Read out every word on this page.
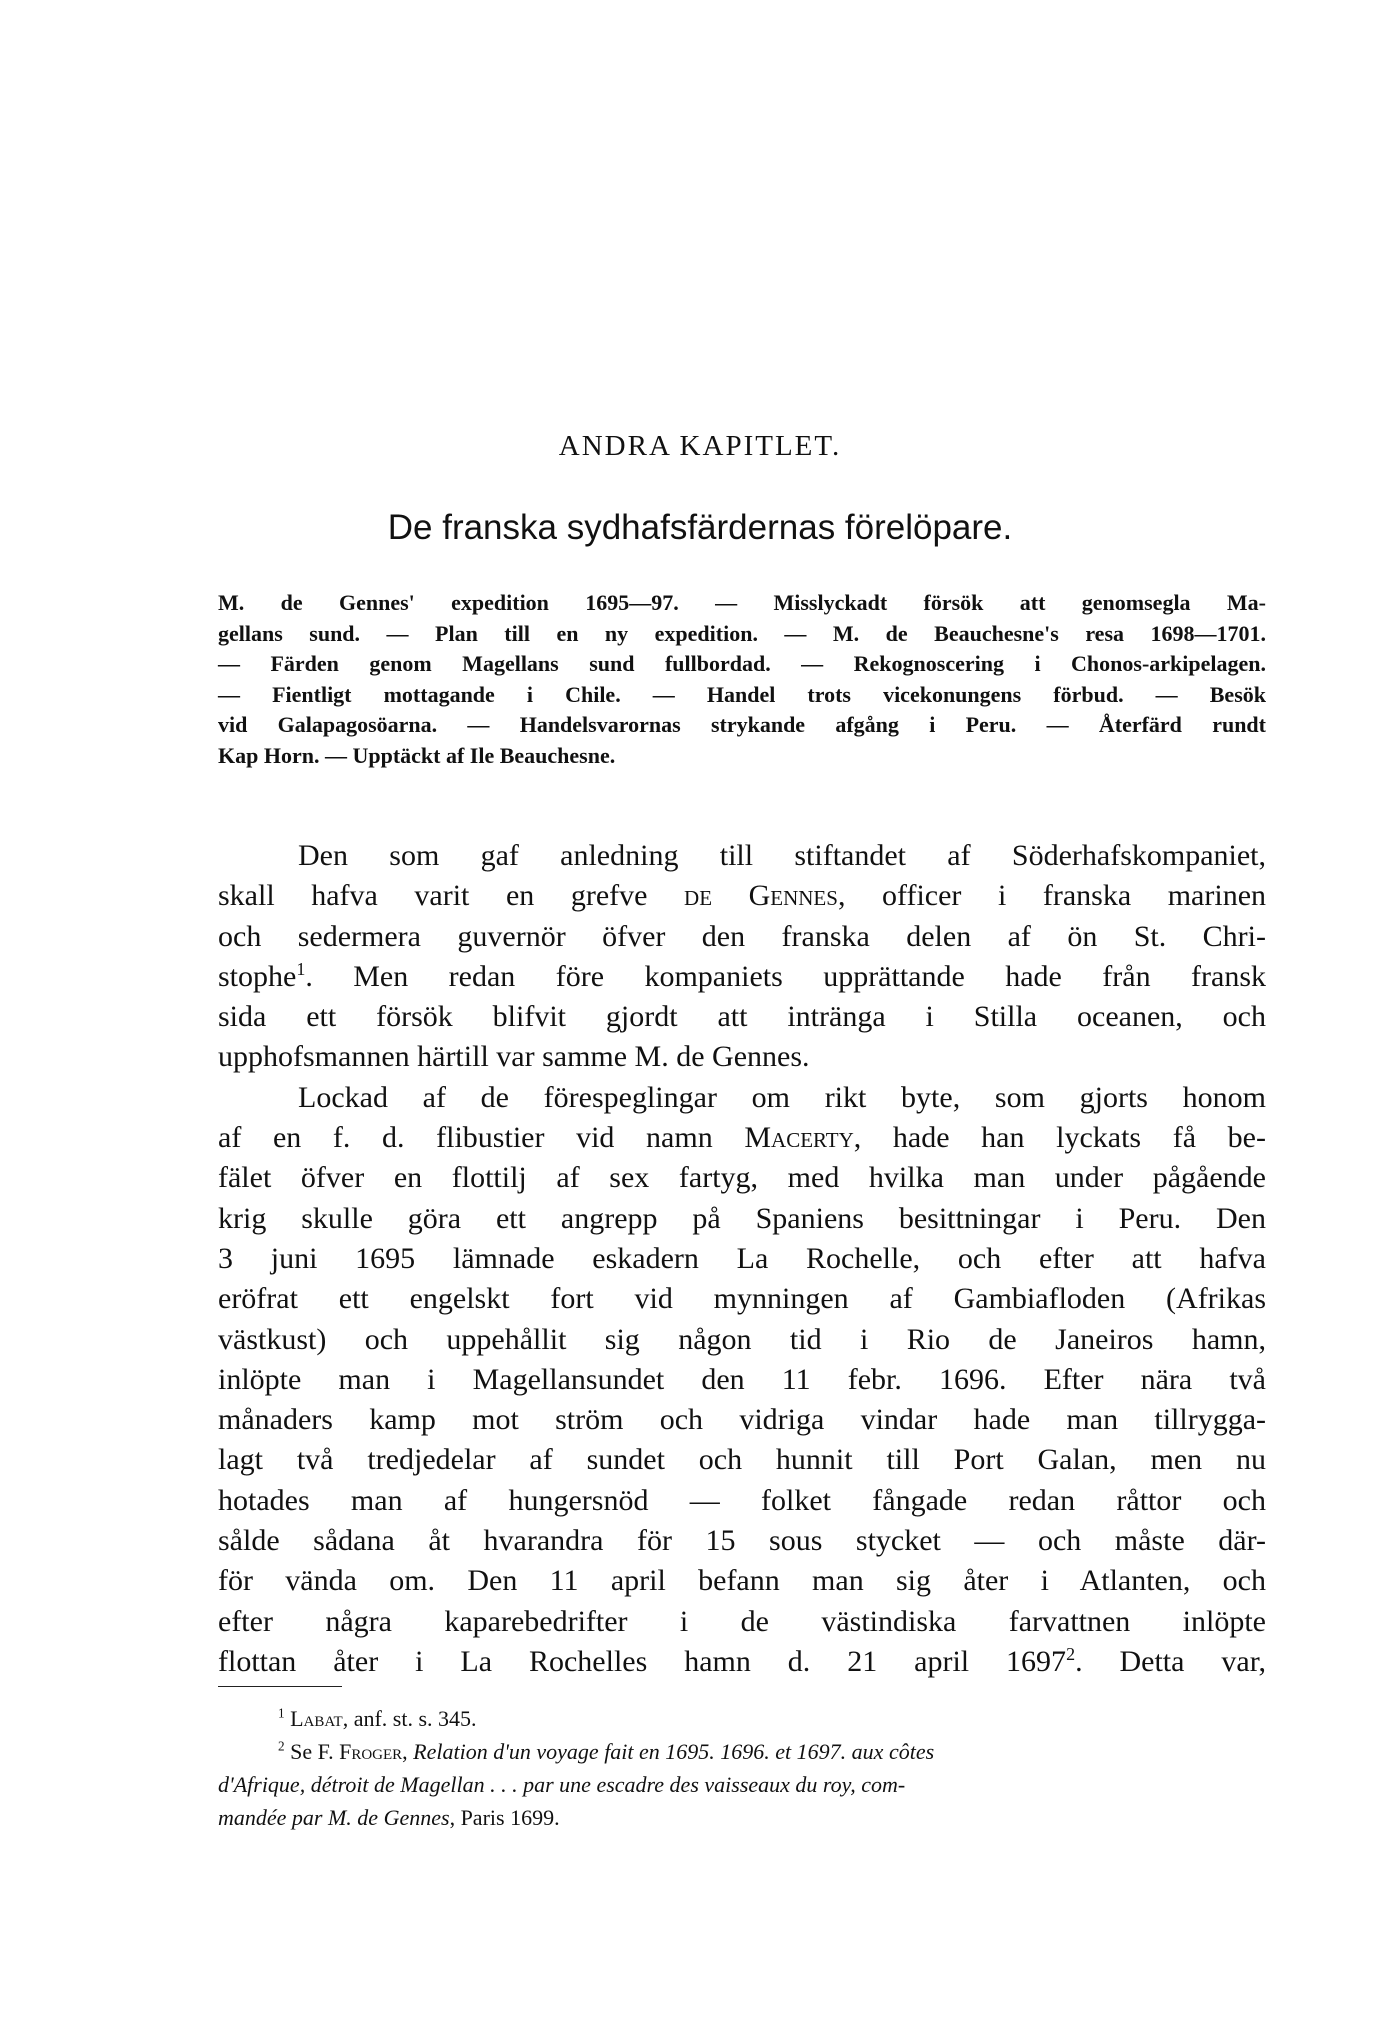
ANDRA KAPITLET.
De franska sydhafsfärdernas förelöpare.

M. de Gennes' expedition 1695—97. — Misslyckadt försök att genomsegla Ma-

gellans sund. — Plan till en ny expedition. — M. de Beauchesne's resa 1698—1701.

— Färden genom Magellans sund fullbordad. — Rekognoscering i Chonos-arkipelagen.

— Fientligt mottagande i Chile. — Handel trots vicekonungens förbud. — Besök

vid Galapagosöarna. — Handelsvarornas strykande afgång i Peru. — Återfärd rundt

Kap Horn. — Upptäckt af Ile Beauchesne.

Den som gaf anledning till stiftandet af Söderhafskompaniet,

skall hafva varit en grefve de Gennes, officer i franska marinen

och sedermera guvernör öfver den franska delen af ön St. Chri-

stophe$^1$. Men redan före kompaniets upprättande hade från fransk

sida ett försök blifvit gjordt att intränga i Stilla oceanen, och

upphofsmannen härtill var samme M. de Gennes.

Lockad af de förespeglingar om rikt byte, som gjorts honom

af en f. d. flibustier vid namn Macerty, hade han lyckats få be-

fälet öfver en flottilj af sex fartyg, med hvilka man under pågående

krig skulle göra ett angrepp på Spaniens besittningar i Peru. Den

3 juni 1695 lämnade eskadern La Rochelle, och efter att hafva

eröfrat ett engelskt fort vid mynningen af Gambiafloden (Afrikas

västkust) och uppehållit sig någon tid i Rio de Janeiros hamn,

inlöpte man i Magellansundet den 11 febr. 1696. Efter nära två

månaders kamp mot ström och vidriga vindar hade man tillrygga-

lagt två tredjedelar af sundet och hunnit till Port Galan, men nu

hotades man af hungersnöd — folket fångade redan råttor och

sålde sådana åt hvarandra för 15 sous stycket — och måste där-

för vända om. Den 11 april befann man sig åter i Atlanten, och

efter några kaparebedrifter i de västindiska farvattnen inlöpte

flottan åter i La Rochelles hamn d. 21 april 1697$^2$. Detta var,

$^1$ Labat, anf. st. s. 345.

$^2$ Se F. Froger, Relation d'un voyage fait en 1695. 1696. et 1697. aux côtes

d'Afrique, détroit de Magellan . . . par une escadre des vaisseaux du roy, com-

mandée par M. de Gennes, Paris 1699.
